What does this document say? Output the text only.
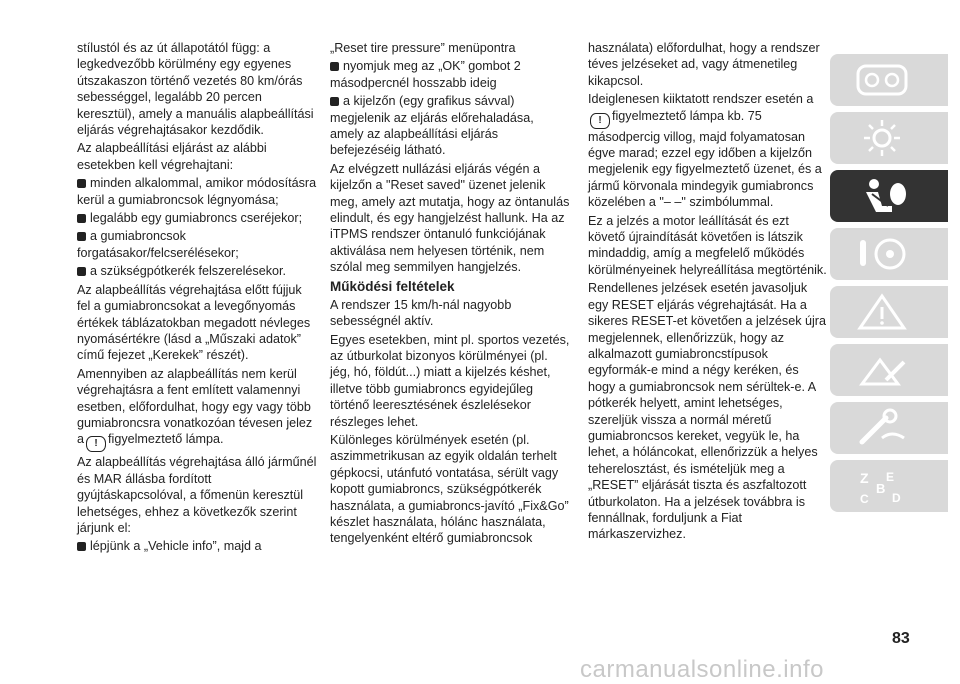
stílustól és az út állapotától függ: a legkedvezőbb körülmény egy egyenes útszakaszon történő vezetés 80 km/órás sebességgel, legalább 20 percen keresztül), amely a manuális alapbeállítási eljárás végrehajtásakor kezdődik.

Az alapbeállítási eljárást az alábbi esetekben kell végrehajtani:

minden alkalommal, amikor módosításra kerül a gumiabroncsok légnyomása;

legalább egy gumiabroncs cseréjekor;

a gumiabroncsok forgatásakor/felcserélésekor;

a szükségpótkerék felszerelésekor.

Az alapbeállítás végrehajtása előtt fújjuk fel a gumiabroncsokat a levegőnyomás értékek táblázatokban megadott névleges nyomásértékre (lásd a „Műszaki adatok” című fejezet „Kerekek” részét).

Amennyiben az alapbeállítás nem kerül végrehajtásra a fent említett valamennyi esetben, előfordulhat, hogy egy vagy több gumiabroncsra vonatkozóan tévesen jelez a ! figyelmeztető lámpa.

Az alapbeállítás végrehajtása álló járműnél és MAR állásba fordított gyújtáskapcsolóval, a főmenün keresztül lehetséges, ehhez a következők szerint járjunk el:

lépjünk a „Vehicle info”, majd a

„Reset tire pressure” menüpontra

nyomjuk meg az „OK” gombot 2 másodpercnél hosszabb ideig

a kijelzőn (egy grafikus sávval) megjelenik az eljárás előrehaladása, amely az alapbeállítási eljárás befejezéséig látható.

Az elvégzett nullázási eljárás végén a kijelzőn a "Reset saved" üzenet jelenik meg, amely azt mutatja, hogy az öntanulás elindult, és egy hangjelzést hallunk. Ha az iTPMS rendszer öntanuló funkciójának aktiválása nem helyesen történik, nem szólal meg semmilyen hangjelzés.

Működési feltételek

A rendszer 15 km/h-nál nagyobb sebességnél aktív.

Egyes esetekben, mint pl. sportos vezetés, az útburkolat bizonyos körülményei (pl. jég, hó, földút...) miatt a kijelzés késhet, illetve több gumiabroncs egyidejűleg történő leeresztésének észlelésekor részleges lehet.

Különleges körülmények esetén (pl. aszimmetrikusan az egyik oldalán terhelt gépkocsi, utánfutó vontatása, sérült vagy kopott gumiabroncs, szükségpótkerék használata, a gumiabroncs-javító „Fix&Go” készlet használata, hólánc használata, tengelyenként eltérő gumiabroncsok

használata) előfordulhat, hogy a rendszer téves jelzéseket ad, vagy átmenetileg kikapcsol.

Ideiglenesen kiiktatott rendszer esetén a! figyelmeztető lámpa kb. 75 másodpercig villog, majd folyamatosan égve marad; ezzel egy időben a kijelzőn megjelenik egy figyelmeztető üzenet, és a jármű körvonala mindegyik gumiabroncs közelében a "– –" szimbólummal.

Ez a jelzés a motor leállítását és ezt követő újraindítását követően is látszik mindaddig, amíg a megfelelő működés körülményeinek helyreállítása megtörténik.

Rendellenes jelzések esetén javasoljuk egy RESET eljárás végrehajtását. Ha a sikeres RESET-et követően a jelzések újra megjelennek, ellenőrizzük, hogy az alkalmazott gumiabroncstípusok egyformák-e mind a négy keréken, és hogy a gumiabroncsok nem sérültek-e. A pótkerék helyett, amint lehetséges, szereljük vissza a normál méretű gumiabroncsos kereket, vegyük le, ha lehet, a hóláncokat, ellenőrizzük a helyes teherelosztást, és ismételjük meg a „RESET” eljárását tiszta és aszfaltozott útburkolaton. Ha a jelzések továbbra is fennállnak, forduljunk a Fiat márkaszervizhez.

Z E
B
C D
83
carmanualsonline.info
